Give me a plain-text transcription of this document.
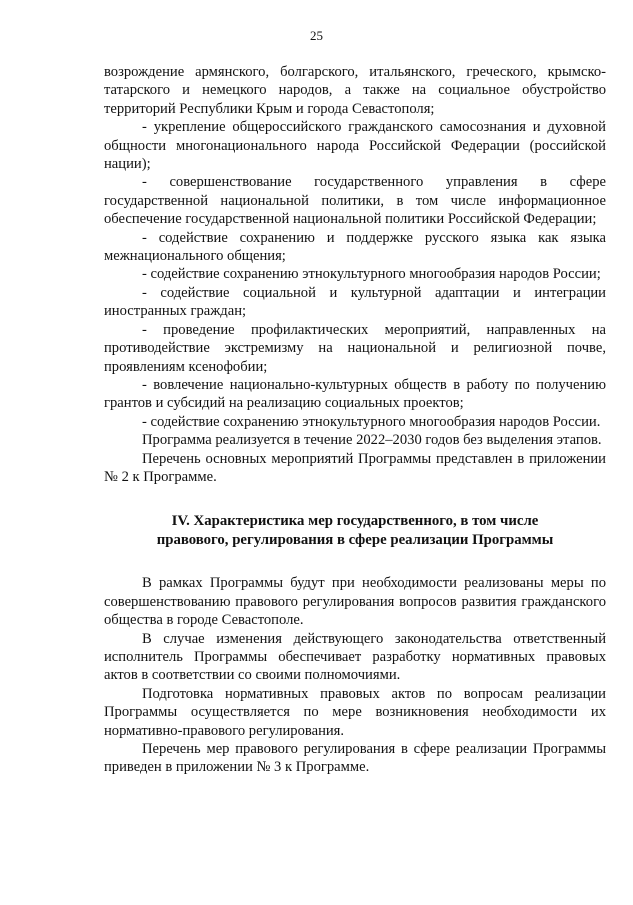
25

возрождение армянского, болгарского, итальянского, греческого, крымско-татарского и немецкого народов, а также на социальное обустройство территорий Республики Крым и города Севастополя;

- укрепление общероссийского гражданского самосознания и духовной общности многонационального народа Российской Федерации (российской нации);

- совершенствование государственного управления в сфере государственной национальной политики, в том числе информационное обеспечение государственной национальной политики Российской Федерации;

- содействие сохранению и поддержке русского языка как языка межнационального общения;

- содействие сохранению этнокультурного многообразия народов России;

- содействие социальной и культурной адаптации и интеграции иностранных граждан;

- проведение профилактических мероприятий, направленных на противодействие экстремизму на национальной и религиозной почве, проявлениям ксенофобии;

- вовлечение национально-культурных обществ в работу по получению грантов и субсидий на реализацию социальных проектов;

- содействие сохранению этнокультурного многообразия народов России.

Программа реализуется в течение 2022–2030 годов без выделения этапов.

Перечень основных мероприятий Программы представлен в приложении № 2 к Программе.

IV. Характеристика мер государственного, в том числе
правового, регулирования в сфере реализации Программы

В рамках Программы будут при необходимости реализованы меры по совершенствованию правового регулирования вопросов развития гражданского общества в городе Севастополе.

В случае изменения действующего законодательства ответственный исполнитель Программы обеспечивает разработку нормативных правовых актов в соответствии со своими полномочиями.

Подготовка нормативных правовых актов по вопросам реализации Программы осуществляется по мере возникновения необходимости их нормативно-правового регулирования.

Перечень мер правового регулирования в сфере реализации Программы приведен в приложении № 3 к Программе.
